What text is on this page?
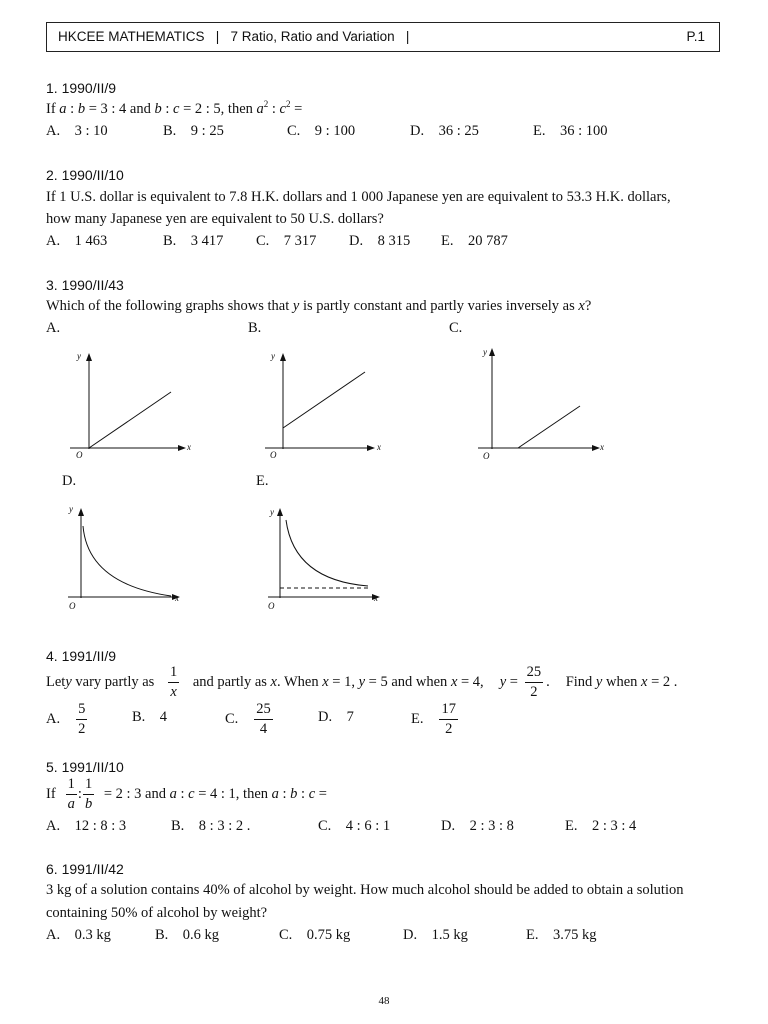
HKCEE MATHEMATICS   |   7 Ratio, Ratio and Variation   |	P.1
1. 1990/II/9
If a : b = 3 : 4 and b : c = 2 : 5, then $a^2$ : $c^2$ =
A.    3 : 10	B.    9 : 25	C.    9 : 100	D.    36 : 25	E.    36 : 100
2. 1990/II/10
If 1 U.S. dollar is equivalent to 7.8 H.K. dollars and 1 000 Japanese yen are equivalent to 53.3 H.K. dollars,
how many Japanese yen are equivalent to 50 U.S. dollars?
A.    1 463	B.    3 417 C.    7 317 D.    8 315 E.    20 787
3. 1990/II/43
Which of the following graphs shows that y is partly constant and partly varies inversely as x?
A.	B.	C.
D.	E.
y
x
O
y
x
O
y
x
O
y
x
O
y
x
O
4. 1991/II/9
Let y vary partly as $\frac{1}{x}$ and partly as x . When x = 1, y = 5 and when x = 4, $y = \frac{25}{2}$ . Find y when x = 2 .
A. $\frac{5}{2}$	B.    4	C. $\frac{25}{4}$	D.    7	E. $\frac{17}{2}$
5. 1991/II/10
If $\frac{1}{a}$ : $\frac{1}{b} = 2$ : 3 and a : c = 4 : 1, then a : b : c =
A.    12 : 8 : 3	B.    8 : 3 : 2 .	C.    4 : 6 : 1	D.    2 : 3 : 8	E.    2 : 3 : 4
6. 1991/II/42
3 kg of a solution contains 40% of alcohol by weight. How much alcohol should be added to obtain a solution
containing 50% of alcohol by weight?
A.    0.3 kg	B.    0.6 kg	C.    0.75 kg	D.    1.5 kg	E.    3.75 kg
48
